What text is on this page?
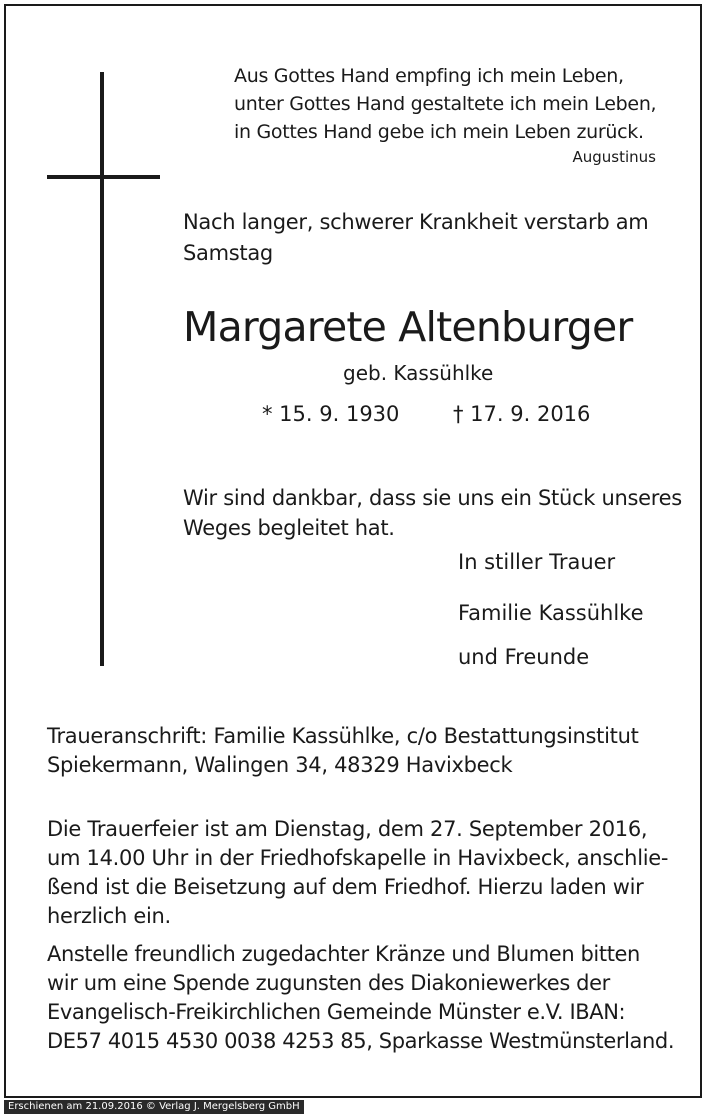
Aus Gottes Hand empfing ich mein Leben,
unter Gottes Hand gestaltete ich mein Leben,
in Gottes Hand gebe ich mein Leben zurück.
Augustinus
Nach langer, schwerer Krankheit verstarb am
Samstag
Margarete Altenburger
geb. Kassühlke
* 15. 9. 1930	† 17. 9. 2016
Wir sind dankbar, dass sie uns ein Stück unseres
Weges begleitet hat.
In stiller Trauer
Familie Kassühlke
und Freunde
Traueranschrift: Familie Kassühlke, c/o Bestattungsinstitut
Spiekermann, Walingen 34, 48329 Havixbeck
Die Trauerfeier ist am Dienstag, dem 27. September 2016,
um 14.00 Uhr in der Friedhofskapelle in Havixbeck, anschlie-
ßend ist die Beisetzung auf dem Friedhof. Hierzu laden wir
herzlich ein.
Anstelle freundlich zugedachter Kränze und Blumen bitten
wir um eine Spende zugunsten des Diakoniewerkes der
Evangelisch-Freikirchlichen Gemeinde Münster e.V. IBAN:
DE57 4015 4530 0038 4253 85, Sparkasse Westmünsterland.
Erschienen am 21.09.2016 © Verlag J. Mergelsberg GmbH
